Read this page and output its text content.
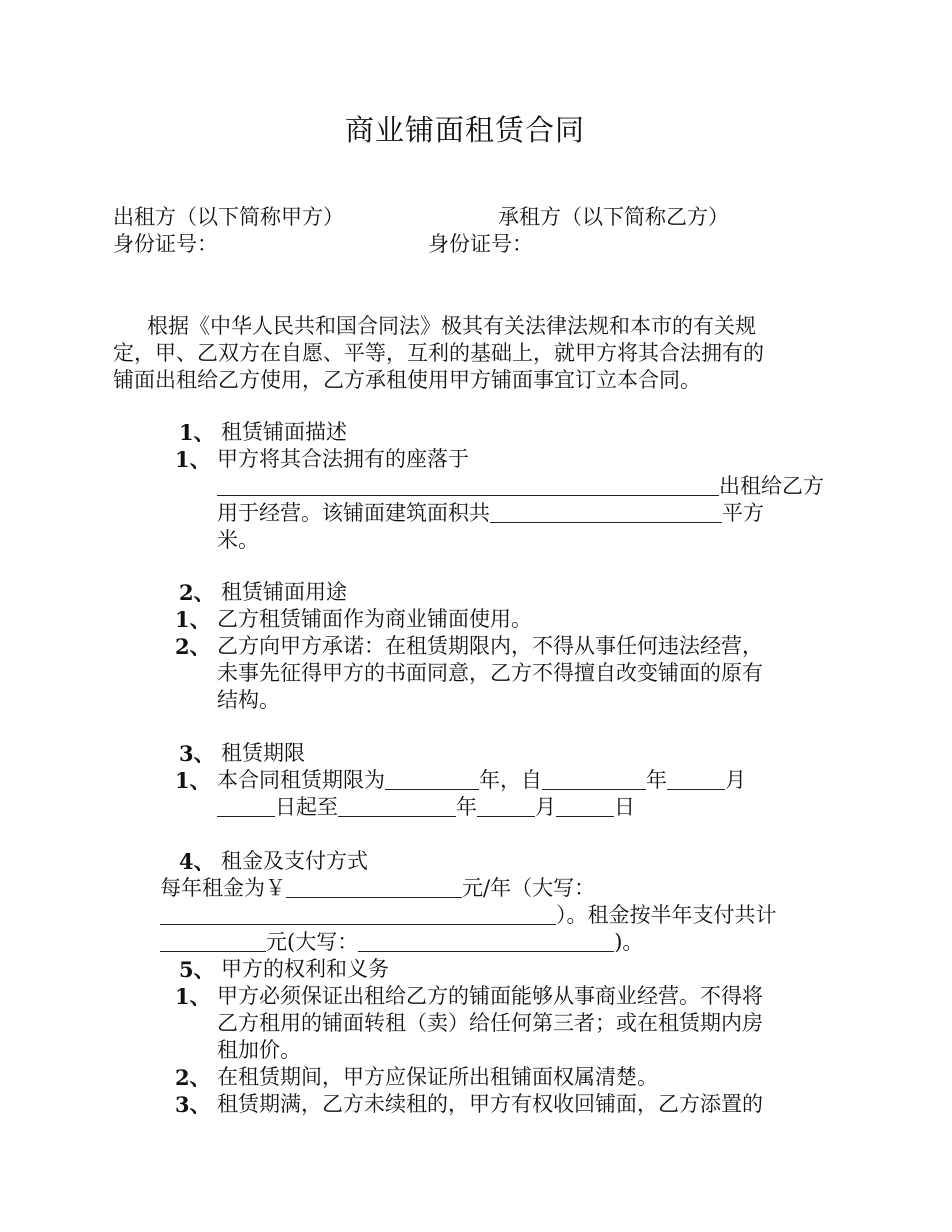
商业铺面租赁合同
出租方（以下简称甲方）	承租方（以下简称乙方）
身份证号：	身份证号：
根据《中华人民共和国合同法》极其有关法律法规和本市的有关规
定，甲、乙双方在自愿、平等，互利的基础上，就甲方将其合法拥有的
铺面出租给乙方使用，乙方承租使用甲方铺面事宜订立本合同。
1、 租赁铺面描述
1、 甲方将其合法拥有的座落于
出租给乙方
用于经营。该铺面建筑面积共	平方
米。
2、 租赁铺面用途
1、 乙方租赁铺面作为商业铺面使用。
2、 乙方向甲方承诺：在租赁期限内，不得从事任何违法经营，
未事先征得甲方的书面同意，乙方不得擅自改变铺面的原有
结构。
3、 租赁期限
1、 本合同租赁期限为	年，自	年	月
日起至	年	月	日
4、 租金及支付方式
每年租金为￥	元/年（大写：
）。租金按半年支付共计
元(大写：	)。
5、 甲方的权利和义务
1、 甲方必须保证出租给乙方的铺面能够从事商业经营。不得将
乙方租用的铺面转租（卖）给任何第三者；或在租赁期内房
租加价。
2、 在租赁期间，甲方应保证所出租铺面权属清楚。
3、 租赁期满，乙方未续租的，甲方有权收回铺面，乙方添置的
